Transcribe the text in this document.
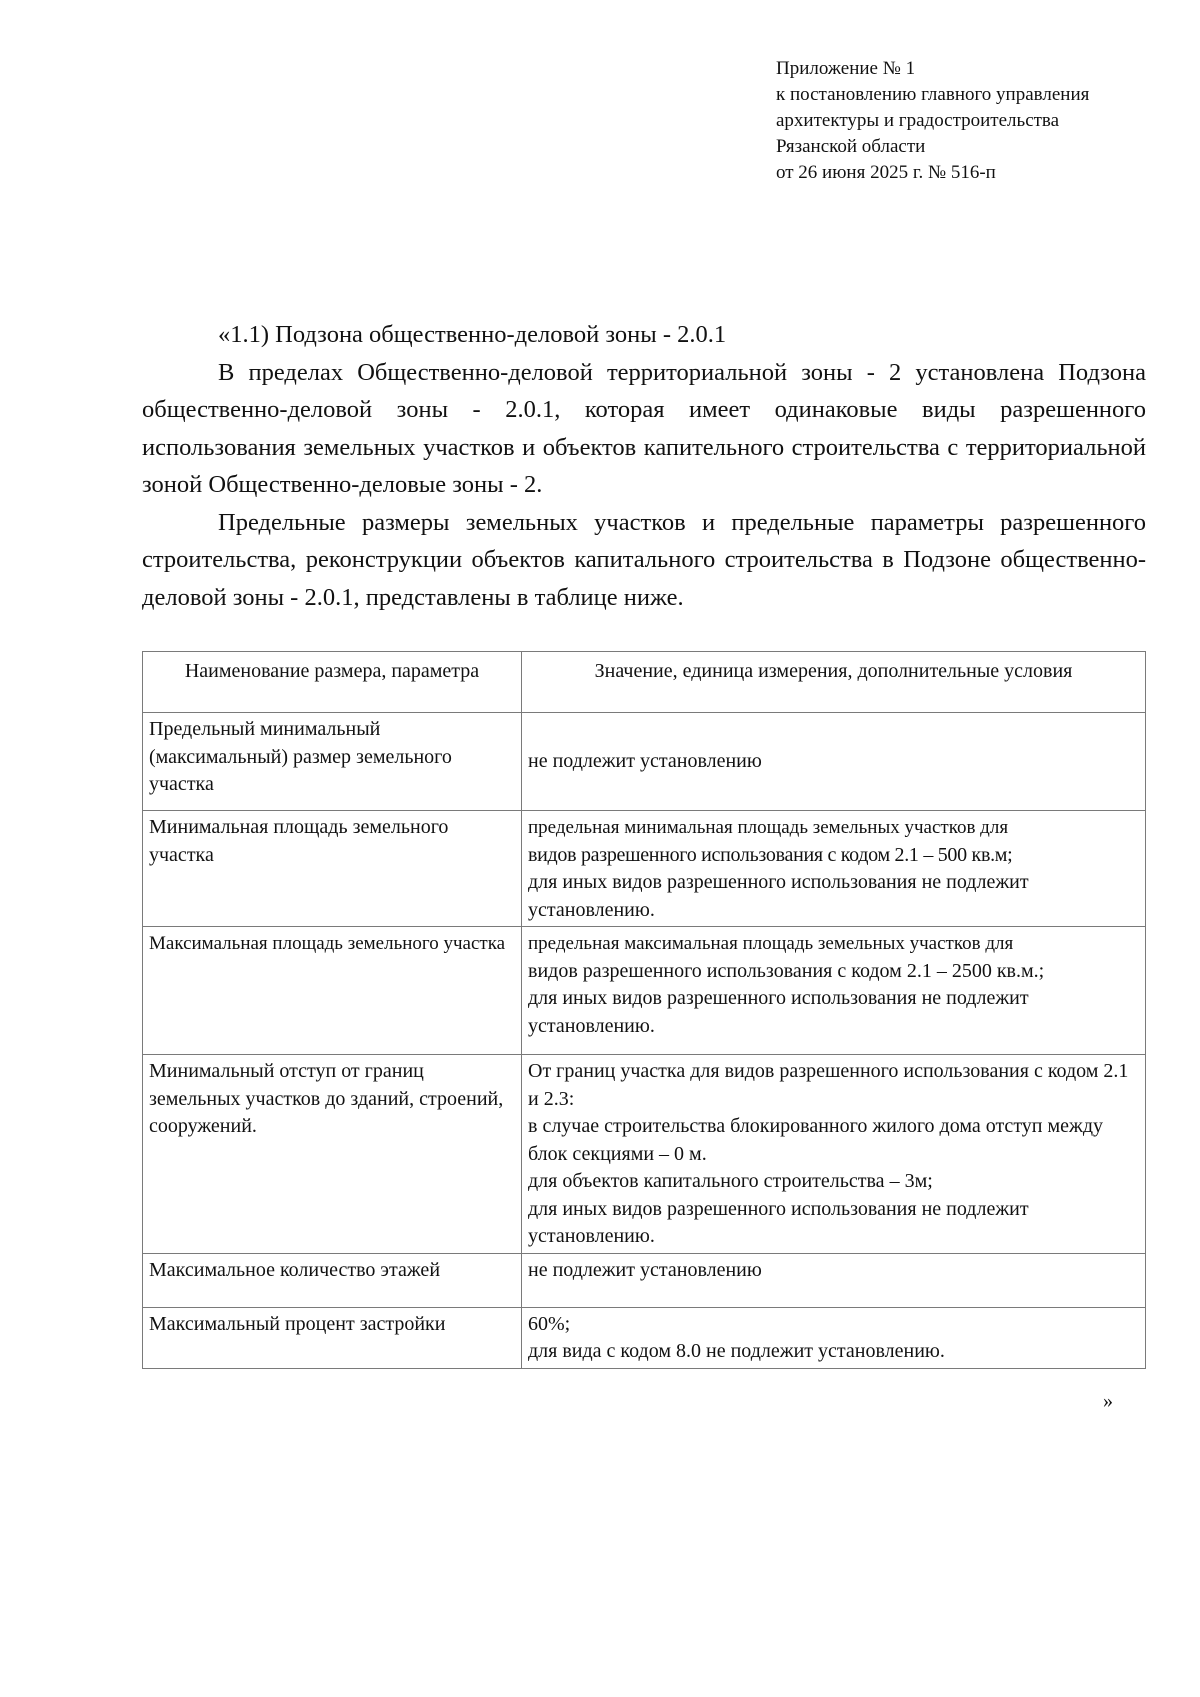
Приложение № 1
к постановлению главного управления
архитектуры и градостроительства
Рязанской области
от 26 июня 2025 г. № 516-п

«1.1) Подзона общественно-деловой зоны - 2.0.1

В пределах Общественно-деловой территориальной зоны - 2 установлена Подзона общественно-деловой зоны - 2.0.1, которая имеет одинаковые виды разрешенного использования земельных участков и объектов капительного строительства с территориальной зоной Общественно-деловые зоны - 2.

Предельные размеры земельных участков и предельные параметры разрешенного строительства, реконструкции объектов капитального строительства в Подзоне общественно-деловой зоны - 2.0.1, представлены в таблице ниже.

Наименование размера, параметра	Значение, единица измерения, дополнительные условия
Предельный минимальный (максимальный) размер земельного участка	не подлежит установлению

Минимальная площадь земельного участка	предельная минимальная площадь земельных участков для
видов разрешенного использования с кодом 2.1 – 500 кв.м;
для иных видов разрешенного использования не подлежит установлению.

Максимальная площадь земельного участка	предельная максимальная площадь земельных участков для
видов разрешенного использования с кодом 2.1 – 2500 кв.м.;
для иных видов разрешенного использования не подлежит установлению.

Минимальный отступ от границ земельных участков до зданий, строений, сооружений.	От границ участка для видов разрешенного использования с кодом 2.1 и 2.3:
в случае строительства блокированного жилого дома отступ между блок секциями – 0 м.
для объектов капитального строительства – 3м;
для иных видов разрешенного использования не подлежит установлению.

Максимальное количество этажей	не подлежит установлению

Максимальный процент застройки	60%;
для вида с кодом 8.0 не подлежит установлению.
»
